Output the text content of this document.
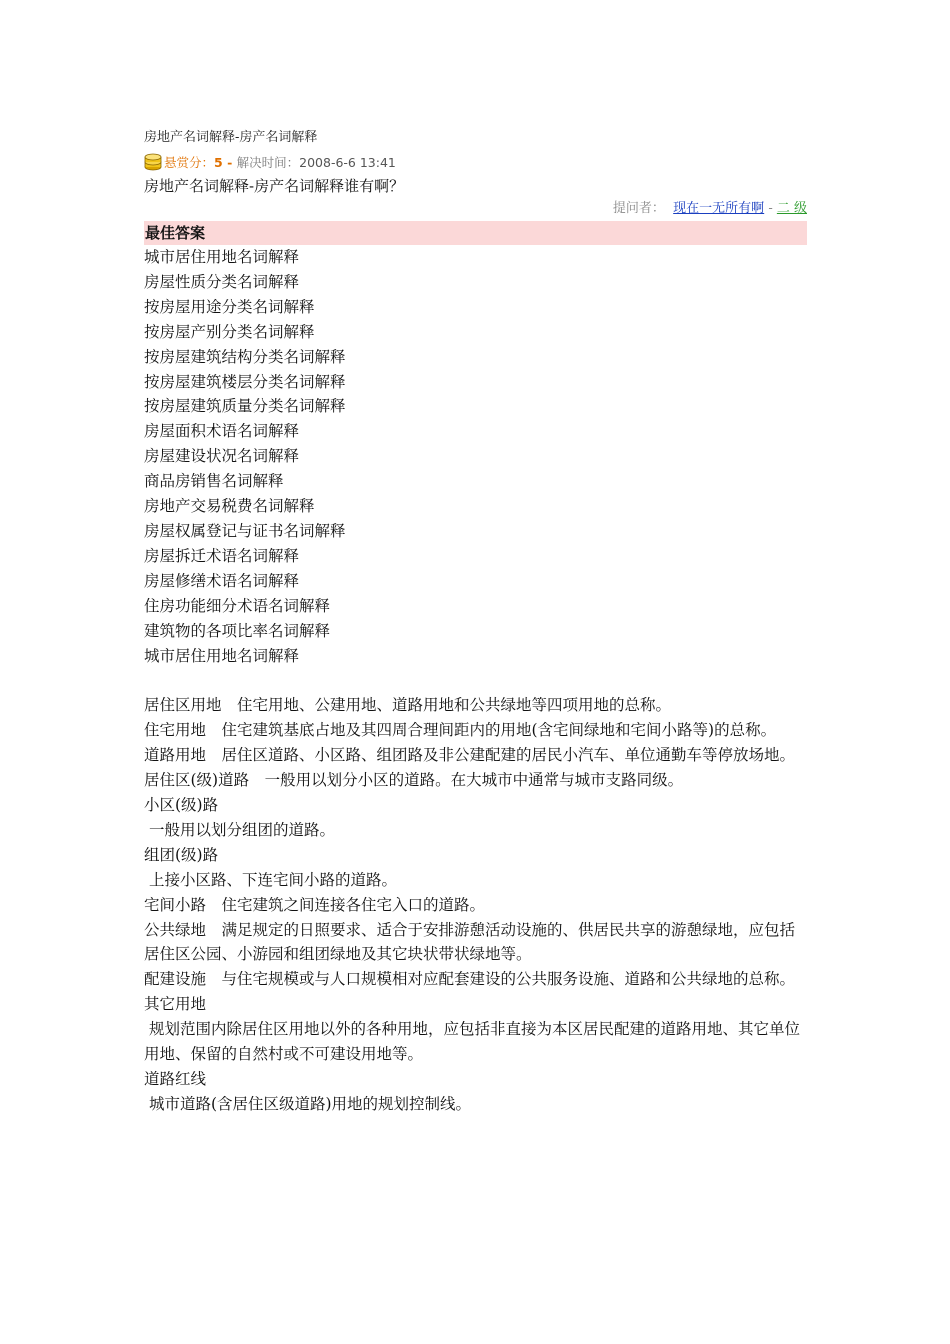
房地产名词解释-房产名词解释
悬赏分：5 - 解决时间：2008-6-6 13:41
房地产名词解释-房产名词解释谁有啊？
提问者： 现在一无所有啊 - 二 级
最佳答案
城市居住用地名词解释
房屋性质分类名词解释
按房屋用途分类名词解释
按房屋产别分类名词解释
按房屋建筑结构分类名词解释
按房屋建筑楼层分类名词解释
按房屋建筑质量分类名词解释
房屋面积术语名词解释
房屋建设状况名词解释
商品房销售名词解释
房地产交易税费名词解释
房屋权属登记与证书名词解释
房屋拆迁术语名词解释
房屋修缮术语名词解释
住房功能细分术语名词解释
建筑物的各项比率名词解释
城市居住用地名词解释
居住区用地　住宅用地、公建用地、道路用地和公共绿地等四项用地的总称。
住宅用地　住宅建筑基底占地及其四周合理间距内的用地(含宅间绿地和宅间小路等)的总称。
道路用地　居住区道路、小区路、组团路及非公建配建的居民小汽车、单位通勤车等停放场地。
居住区(级)道路　一般用以划分小区的道路。在大城市中通常与城市支路同级。
小区(级)路
一般用以划分组团的道路。
组团(级)路
上接小区路、下连宅间小路的道路。
宅间小路　住宅建筑之间连接各住宅入口的道路。
公共绿地　满足规定的日照要求、适合于安排游憩活动设施的、供居民共享的游憩绿地，应包括居住区公园、小游园和组团绿地及其它块状带状绿地等。
配建设施　与住宅规模或与人口规模相对应配套建设的公共服务设施、道路和公共绿地的总称。
其它用地
规划范围内除居住区用地以外的各种用地，应包括非直接为本区居民配建的道路用地、其它单位用地、保留的自然村或不可建设用地等。
道路红线
城市道路(含居住区级道路)用地的规划控制线。
